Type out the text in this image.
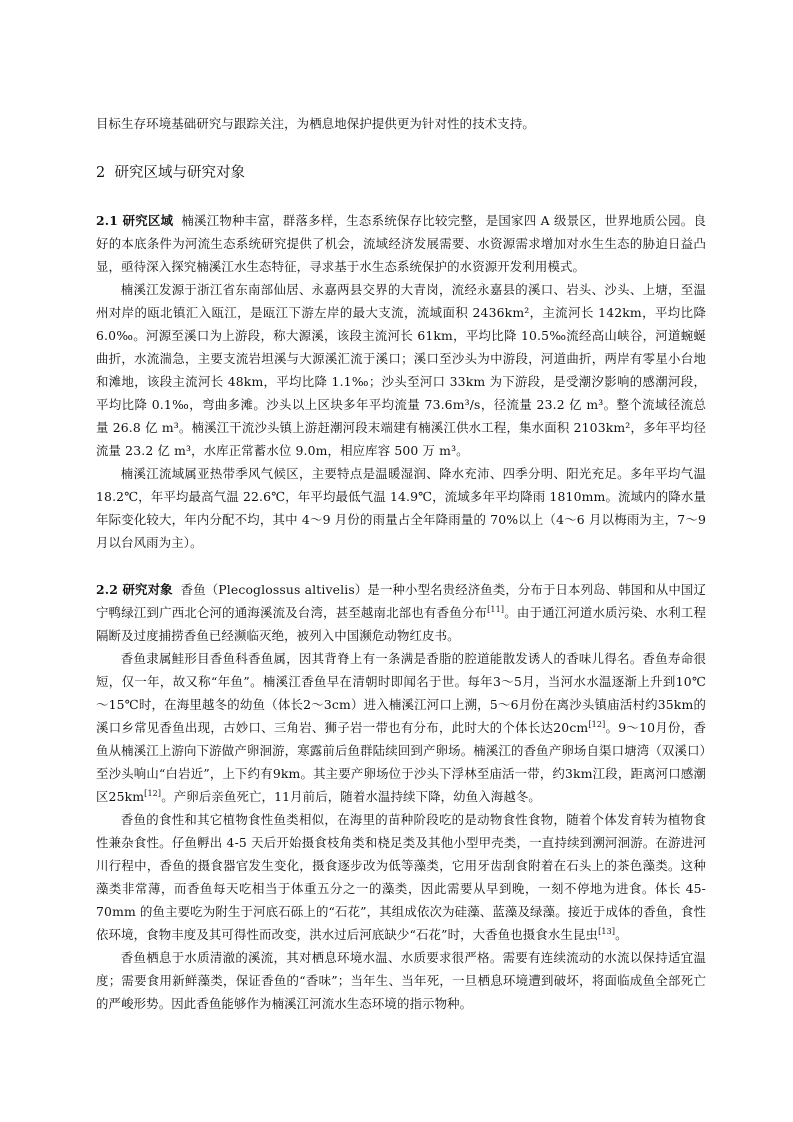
目标生存环境基础研究与跟踪关注，为栖息地保护提供更为针对性的技术支持。

2 研究区域与研究对象

2.1 研究区域 楠溪江物种丰富，群落多样，生态系统保存比较完整，是国家四 A 级景区，世界地质公园。良好的本底条件为河流生态系统研究提供了机会，流域经济发展需要、水资源需求增加对水生生态的胁迫日益凸显，亟待深入探究楠溪江水生态特征，寻求基于水生态系统保护的水资源开发利用模式。

楠溪江发源于浙江省东南部仙居、永嘉两县交界的大青岗，流经永嘉县的溪口、岩头、沙头、上塘，至温州对岸的瓯北镇汇入瓯江，是瓯江下游左岸的最大支流，流域面积 2436km²，主流河长 142km，平均比降 6.0‰。河源至溪口为上游段，称大源溪，该段主流河长 61km，平均比降 10.5‰流经高山峡谷，河道蜿蜒曲折，水流湍急，主要支流岩坦溪与大源溪汇流于溪口；溪口至沙头为中游段，河道曲折，两岸有零星小台地和滩地，该段主流河长 48km，平均比降 1.1‰；沙头至河口 33km 为下游段，是受潮汐影响的感潮河段，平均比降 0.1‰，弯曲多滩。沙头以上区块多年平均流量 73.6m³/s，径流量 23.2 亿 m³。整个流域径流总量 26.8 亿 m³。楠溪江干流沙头镇上游赶潮河段末端建有楠溪江供水工程，集水面积 2103km²，多年平均径流量 23.2 亿 m³，水库正常蓄水位 9.0m，相应库容 500 万 m³。

楠溪江流域属亚热带季风气候区，主要特点是温暖湿润、降水充沛、四季分明、阳光充足。多年平均气温 18.2℃，年平均最高气温 22.6℃，年平均最低气温 14.9℃，流域多年平均降雨 1810mm。流域内的降水量年际变化较大，年内分配不均，其中 4～9 月份的雨量占全年降雨量的 70%以上（4～6 月以梅雨为主，7～9 月以台风雨为主）。

2.2 研究对象 香鱼（Plecoglossus altivelis）是一种小型名贵经济鱼类，分布于日本列岛、韩国和从中国辽宁鸭绿江到广西北仑河的通海溪流及台湾，甚至越南北部也有香鱼分布[11]。由于通江河道水质污染、水利工程隔断及过度捕捞香鱼已经濒临灭绝，被列入中国濒危动物红皮书。

香鱼隶属鲑形目香鱼科香鱼属，因其背脊上有一条满是香脂的腔道能散发诱人的香味儿得名。香鱼寿命很短，仅一年，故又称“年鱼”。楠溪江香鱼早在清朝时即闻名于世。每年3～5月，当河水水温逐渐上升到10℃～15℃时，在海里越冬的幼鱼（体长2～3cm）进入楠溪江河口上溯，5～6月份在离沙头镇庙活村约35km的溪口乡常见香鱼出现，古妙口、三角岩、狮子岩一带也有分布，此时大的个体长达20cm[12]。9～10月份，香鱼从楠溪江上游向下游做产卵洄游，寒露前后鱼群陆续回到产卵场。楠溪江的香鱼产卵场自渠口塘湾（双溪口）至沙头响山“白岩近”，上下约有9km。其主要产卵场位于沙头下浮林至庙活一带，约3km江段，距离河口感潮区25km[12]。产卵后亲鱼死亡，11月前后，随着水温持续下降，幼鱼入海越冬。

香鱼的食性和其它植物食性鱼类相似，在海里的苗种阶段吃的是动物食性食物，随着个体发育转为植物食性兼杂食性。仔鱼孵出 4-5 天后开始摄食枝角类和桡足类及其他小型甲壳类，一直持续到溯河洄游。在游进河川行程中，香鱼的摄食器官发生变化，摄食逐步改为低等藻类，它用牙齿刮食附着在石头上的茶色藻类。这种藻类非常薄，而香鱼每天吃相当于体重五分之一的藻类，因此需要从早到晚，一刻不停地为进食。体长 45-70mm 的鱼主要吃为附生于河底石砾上的“石花”，其组成依次为硅藻、蓝藻及绿藻。接近于成体的香鱼，食性依环境，食物丰度及其可得性而改变，洪水过后河底缺少“石花”时，大香鱼也摄食水生昆虫[13]。

香鱼栖息于水质清澈的溪流，其对栖息环境水温、水质要求很严格。需要有连续流动的水流以保持适宜温度；需要食用新鲜藻类，保证香鱼的“香味”；当年生、当年死，一旦栖息环境遭到破坏，将面临成鱼全部死亡的严峻形势。因此香鱼能够作为楠溪江河流水生态环境的指示物种。
